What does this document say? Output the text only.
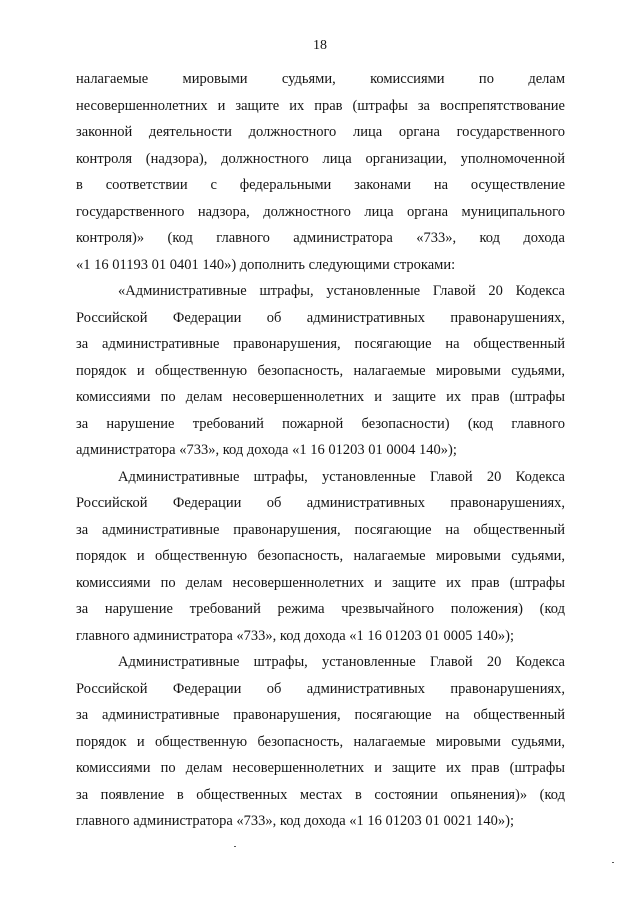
18
налагаемые мировыми судьями, комиссиями по делам
несовершеннолетних и защите их прав (штрафы за воспрепятствование
законной деятельности должностного лица органа государственного
контроля (надзора), должностного лица организации, уполномоченной
в соответствии с федеральными законами на осуществление
государственного надзора, должностного лица органа муниципального
контроля)» (код главного администратора «733», код дохода
«1 16 01193 01 0401 140») дополнить следующими строками:
«Административные штрафы, установленные Главой 20 Кодекса
Российской Федерации об административных правонарушениях,
за административные правонарушения, посягающие на общественный
порядок и общественную безопасность, налагаемые мировыми судьями,
комиссиями по делам несовершеннолетних и защите их прав (штрафы
за нарушение требований пожарной безопасности) (код главного
администратора «733», код дохода «1 16 01203 01 0004 140»);
Административные штрафы, установленные Главой 20 Кодекса
Российской Федерации об административных правонарушениях,
за административные правонарушения, посягающие на общественный
порядок и общественную безопасность, налагаемые мировыми судьями,
комиссиями по делам несовершеннолетних и защите их прав (штрафы
за нарушение требований режима чрезвычайного положения) (код
главного администратора «733», код дохода «1 16 01203 01 0005 140»);
Административные штрафы, установленные Главой 20 Кодекса
Российской Федерации об административных правонарушениях,
за административные правонарушения, посягающие на общественный
порядок и общественную безопасность, налагаемые мировыми судьями,
комиссиями по делам несовершеннолетних и защите их прав (штрафы
за появление в общественных местах в состоянии опьянения)» (код
главного администратора «733», код дохода «1 16 01203 01 0021 140»);
